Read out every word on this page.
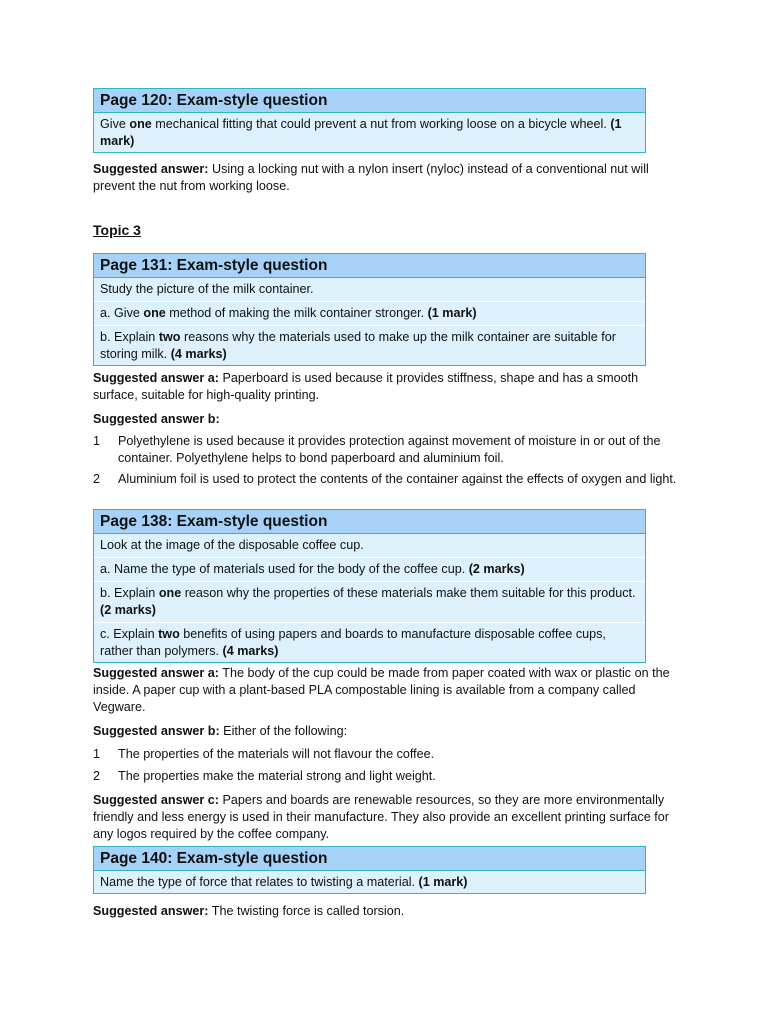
Page 120: Exam-style question
Give one mechanical fitting that could prevent a nut from working loose on a bicycle wheel. (1 mark)

Suggested answer: Using a locking nut with a nylon insert (nyloc) instead of a conventional nut will prevent the nut from working loose.

Topic 3

Page 131: Exam-style question
Study the picture of the milk container.
a. Give one method of making the milk container stronger. (1 mark)
b. Explain two reasons why the materials used to make up the milk container are suitable for storing milk. (4 marks)

Suggested answer a: Paperboard is used because it provides stiffness, shape and has a smooth surface, suitable for high-quality printing.

Suggested answer b:

1	Polyethylene is used because it provides protection against movement of moisture in or out of the container. Polyethylene helps to bond paperboard and aluminium foil.
2	Aluminium foil is used to protect the contents of the container against the effects of oxygen and light.
Page 138: Exam-style question
Look at the image of the disposable coffee cup.
a. Name the type of materials used for the body of the coffee cup. (2 marks)
b. Explain one reason why the properties of these materials make them suitable for this product. (2 marks)
c. Explain two benefits of using papers and boards to manufacture disposable coffee cups, rather than polymers. (4 marks)

Suggested answer a: The body of the cup could be made from paper coated with wax or plastic on the inside. A paper cup with a plant-based PLA compostable lining is available from a company called Vegware.

Suggested answer b: Either of the following:

1	The properties of the materials will not flavour the coffee.
2	The properties make the material strong and light weight.

Suggested answer c: Papers and boards are renewable resources, so they are more environmentally friendly and less energy is used in their manufacture. They also provide an excellent printing surface for any logos required by the coffee company.

Page 140: Exam-style question
Name the type of force that relates to twisting a material. (1 mark)

Suggested answer: The twisting force is called torsion.
